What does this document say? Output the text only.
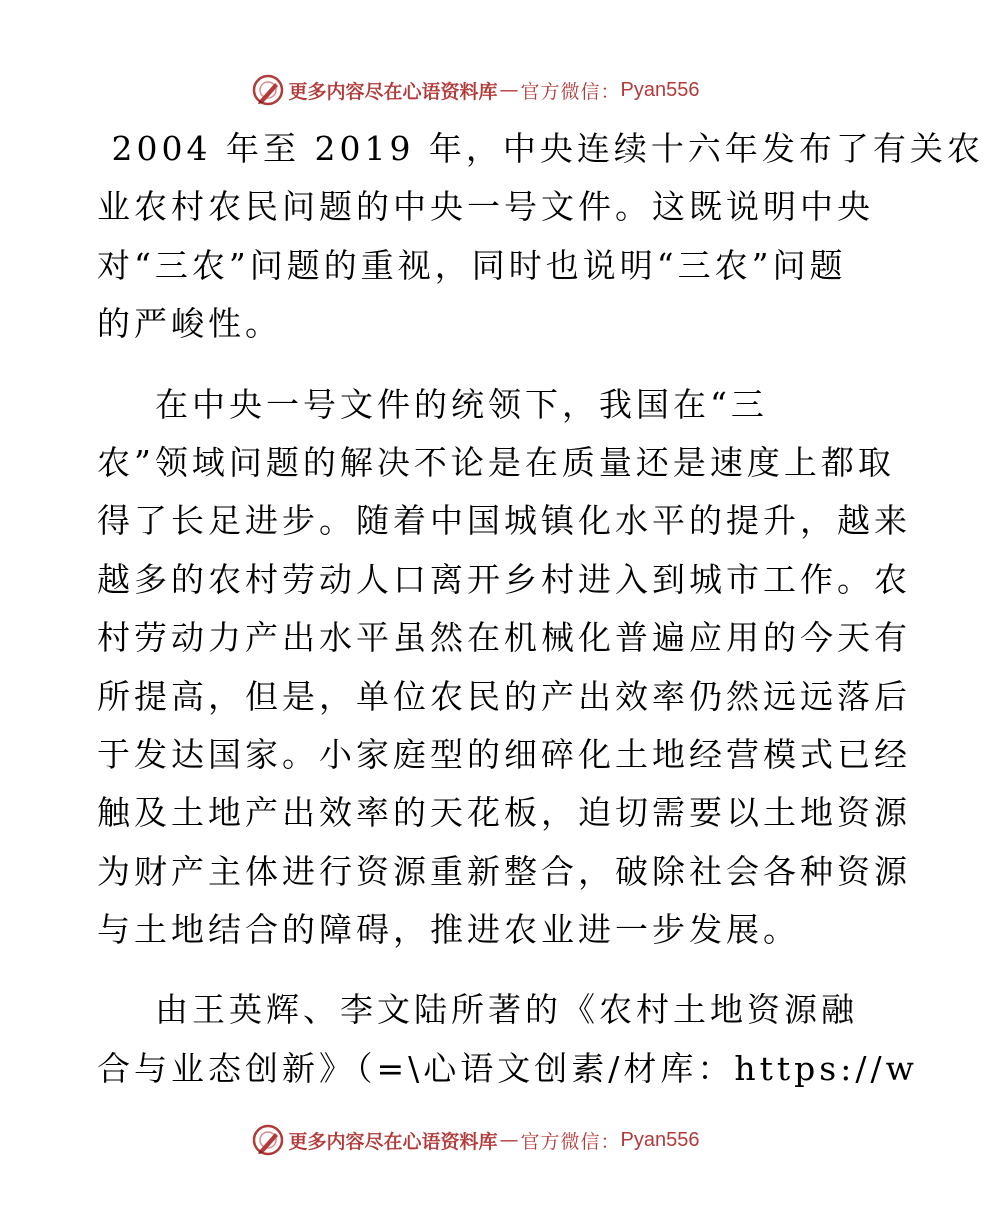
更多内容尽在心语资料库 — 官方微信： Pyan556
2004 年至 2019 年，中央连续十六年发布了有关农
业农村农民问题的中央一号文件。这既说明中央
对“三农”问题的重视，同时也说明“三农”问题
的严峻性。
在中央一号文件的统领下，我国在“三
农”领域问题的解决不论是在质量还是速度上都取
得了长足进步。随着中国城镇化水平的提升，越来
越多的农村劳动人口离开乡村进入到城市工作。农
村劳动力产出水平虽然在机械化普遍应用的今天有
所提高，但是，单位农民的产出效率仍然远远落后
于发达国家。小家庭型的细碎化土地经营模式已经
触及土地产出效率的天花板，迫切需要以土地资源
为财产主体进行资源重新整合，破除社会各种资源
与土地结合的障碍，推进农业进一步发展。
由王英辉、李文陆所著的《农村土地资源融
合与业态创新》（=\心语文创素/材库：https://w
更多内容尽在心语资料库 — 官方微信： Pyan556
